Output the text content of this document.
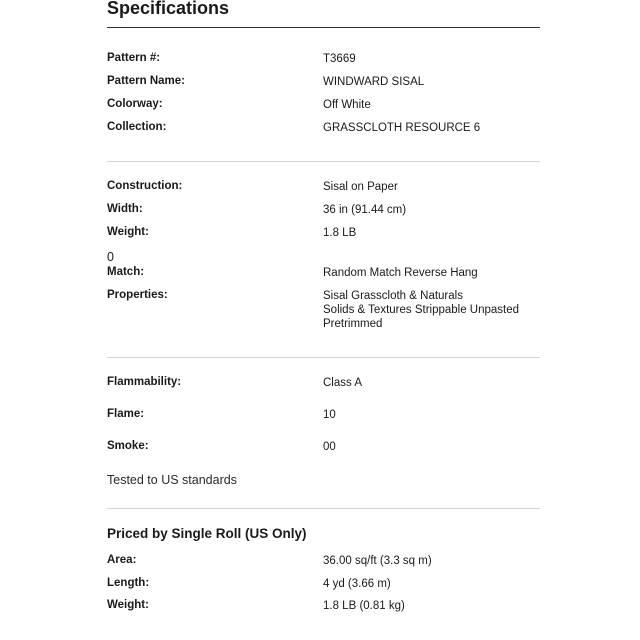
Specifications
Pattern #:	T3669
Pattern Name:	WINDWARD SISAL
Colorway:	Off White
Collection:	GRASSCLOTH RESOURCE 6
Construction:	Sisal on Paper
Width:	36 in (91.44 cm)
Weight:	1.8 LB
0
Match:	Random Match Reverse Hang
Properties:	Sisal Grasscloth & Naturals
Solids & Textures Strippable Unpasted
Pretrimmed
Flammability:	Class A
Flame:	10
Smoke:	00
Tested to US standards
Priced by Single Roll (US Only)
Area:	36.00 sq/ft (3.3 sq m)
Length:	4 yd (3.66 m)
Weight:	1.8 LB (0.81 kg)
